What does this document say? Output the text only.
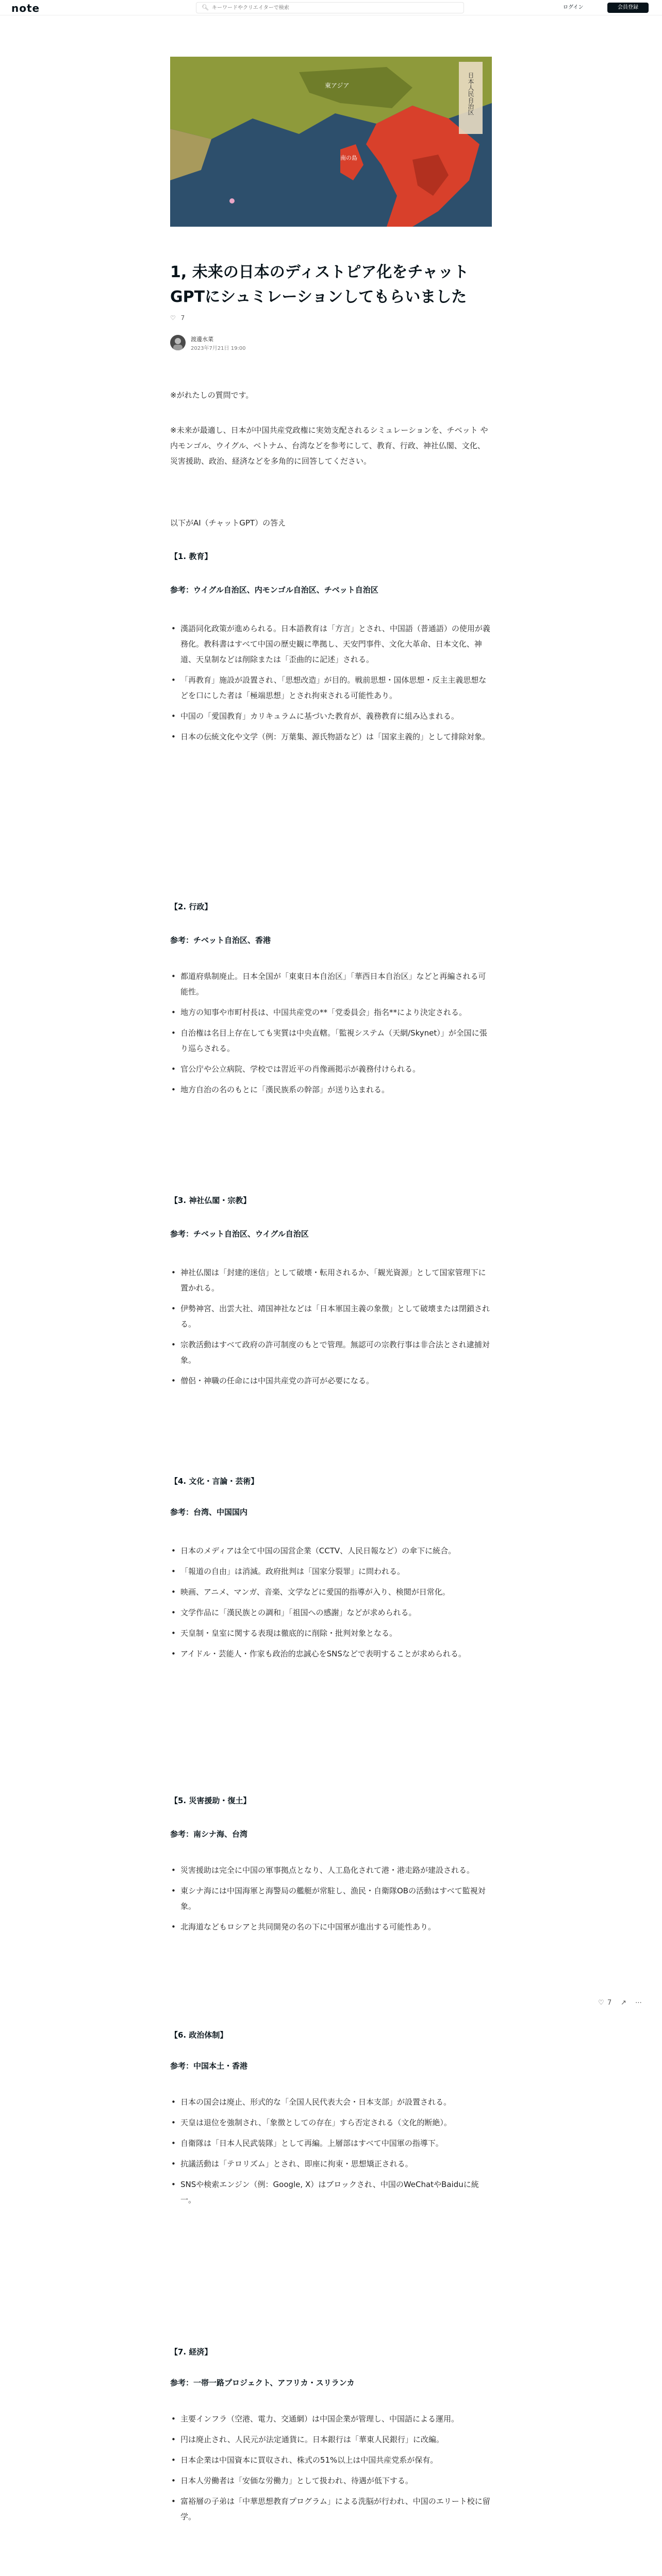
note	🔍︎
キーワードやクリエイターで検索	ログイン	会員登録
日本人民自治区
東アジア
南の島
1, 未来の日本のディストピア化をチャットGPTにシュミレーションしてもらいました
♡ 7
渡邊水菜
2023年7月21日 19:00
※がれたしの質問です。
※未来が最適し、日本が中国共産党政権に実効支配されるシミュレーションを、チベット や内モンゴル、ウイグル、ベトナム、台湾などを参考にして、教育、行政、神社仏閣、文化、災害援助、政治、経済などを多角的に回答してください。
以下がAI（チャットGPT）の答え
【1. 教育】
参考：ウイグル自治区、内モンゴル自治区、チベット自治区
• 漢語同化政策が進められる。日本語教育は「方言」とされ、中国語（普通語）の使用が義務化。教科書はすべて中国の歴史観に準拠し、天安門事件、文化大革命、日本文化、神道、天皇制などは削除または「歪曲的に記述」される。
• 「再教育」施設が設置され、「思想改造」が目的。戦前思想・国体思想・反主主義思想などを口にした者は「極端思想」とされ拘束される可能性あり。
• 中国の「愛国教育」カリキュラムに基づいた教育が、義務教育に組み込まれる。
• 日本の伝統文化や文学（例：万葉集、源氏物語など）は「国家主義的」として排除対象。
【2. 行政】
参考：チベット自治区、香港
• 都道府県制廃止。日本全国が「東東日本自治区」「華西日本自治区」などと再編される可能性。
• 地方の知事や市町村長は、中国共産党の**「党委員会」指名**により決定される。
• 自治権は名目上存在しても実質は中央直轄。「監視システム（天網/Skynet）」が全国に張り巡らされる。
• 官公庁や公立病院、学校では習近平の肖像画掲示が義務付けられる。
• 地方自治の名のもとに「漢民族系の幹部」が送り込まれる。
【3. 神社仏閣・宗教】
参考：チベット自治区、ウイグル自治区
• 神社仏閣は「封建的迷信」として破壊・転用されるか、「観光資源」として国家管理下に置かれる。
• 伊勢神宮、出雲大社、靖国神社などは「日本軍国主義の象徴」として破壊または閉鎖される。
• 宗教活動はすべて政府の許可制度のもとで管理。無認可の宗教行事は非合法とされ逮捕対象。
• 僧侶・神職の任命には中国共産党の許可が必要になる。
【4. 文化・言論・芸術】
参考：台湾、中国国内
• 日本のメディアは全て中国の国営企業（CCTV、人民日報など）の傘下に統合。
• 「報道の自由」は消滅。政府批判は「国家分裂罪」に問われる。
• 映画、アニメ、マンガ、音楽、文学などに愛国的指導が入り、検閲が日常化。
• 文学作品に「漢民族との調和」「祖国への感謝」などが求められる。
• 天皇制・皇室に関する表現は徹底的に削除・批判対象となる。
• アイドル・芸能人・作家も政治的忠誠心をSNSなどで表明することが求められる。
【5. 災害援助・復土】
参考：南シナ海、台湾
• 災害援助は完全に中国の軍事拠点となり、人工島化されて港・港走路が建設される。
• 東シナ海には中国海軍と海警局の艦艇が常駐し、漁民・自衛隊OBの活動はすべて監視対象。
• 北海道などもロシアと共同開発の名の下に中国軍が進出する可能性あり。
【6. 政治体制】
参考：中国本土・香港
• 日本の国会は廃止、形式的な「全国人民代表大会・日本支部」が設置される。
• 天皇は退位を強制され、「象徴としての存在」すら否定される（文化的断絶）。
• 自衛隊は「日本人民武装隊」として再編。上層部はすべて中国軍の指導下。
• 抗議活動は「テロリズム」とされ、即座に拘束・思想矯正される。
• SNSや検索エンジン（例：Google, X）はブロックされ、中国のWeChatやBaiduに統一。
【7. 経済】
参考：一帯一路プロジェクト、アフリカ・スリランカ
• 主要インフラ（空港、電力、交通網）は中国企業が管理し、中国語による運用。
• 円は廃止され、人民元が法定通貨に。日本銀行は「華東人民銀行」に改編。
• 日本企業は中国資本に買収され、株式の51%以上は中国共産党系が保有。
• 日本人労働者は「安価な労働力」として扱われ、待遇が低下する。
• 富裕層の子弟は「中華思想教育プログラム」による洗脳が行われ、中国のエリート校に留学。
♡ 7 ↗ ⋯
